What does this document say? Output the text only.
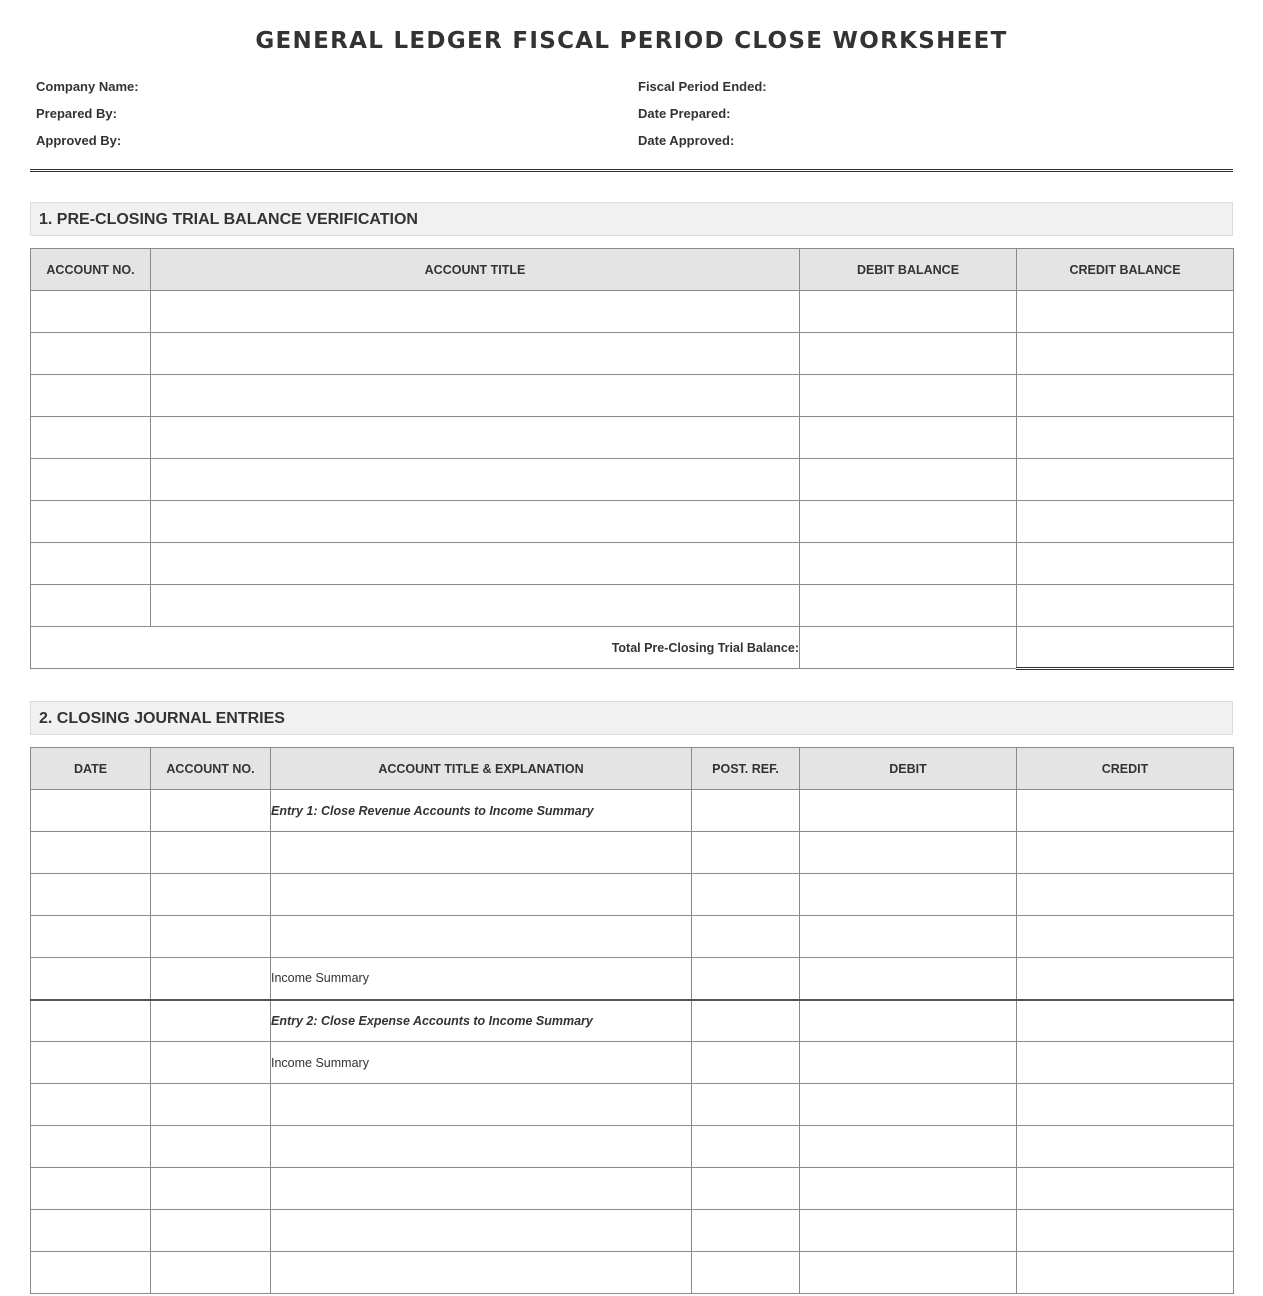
GENERAL LEDGER FISCAL PERIOD CLOSE WORKSHEET
Company Name:
Prepared By:
Approved By:
Fiscal Period Ended:
Date Prepared:
Date Approved:
1. PRE-CLOSING TRIAL BALANCE VERIFICATION
ACCOUNT NO.	ACCOUNT TITLE	DEBIT BALANCE	CREDIT BALANCE

Total Pre-Closing Trial Balance:			
2. CLOSING JOURNAL ENTRIES
DATE	ACCOUNT NO.	ACCOUNT TITLE & EXPLANATION	POST. REF.	DEBIT	CREDIT
		Entry 1: Close Revenue Accounts to Income Summary			

		Income Summary			
		Entry 2: Close Expense Accounts to Income Summary			
		Income Summary			
